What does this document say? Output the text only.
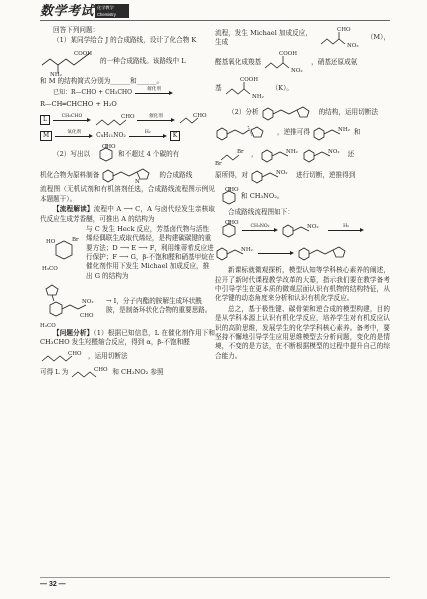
数学考试 化学教学 Chemistry

回答下列问题：

（1）某同学给合 J 的合成路线，设计了化合物 K

COOH
NH₂
的一种合成路线。该路线中 L

和 M 的结构简式分别为______和______。

已知：R—CHO + CH₃CHO	催化剂

R—CH═CHCHO + H₂O

L	CH₃CHO	CHO	催化剂	CHO
M	氧化剂	C₈H₁₁NO₂	H₂	K
（2）写出以
CHO
和不超过 4 个碳的有
机化合物为原料制备
N
的合成路线

流程图（无机试剂和有机溶剂任选，合成路线流程图示例见本题题干）。

【流程解读】流程中 A ⟶ C，A 与卤代烃发生亲核取代反应生成芳香醚，可推出 A 的结构为

HO	Br
H₃CO
与 C 发生 Heck 反应，芳基卤代物与活性烯烃偶联生成取代烯烃，是构建碳碳键的重要方法；D ⟶ E ⟶ F，利用维蒂希反应进行保护；F ⟶ G，β-不饱和醛和硝基甲烷在催化剂作用下发生 Michael 加成反应，推出 G 的结构为
NO₂
CHO
H₃CO
→ I，分子内酯的胺解生成环状酰胺，是制备环状化合物的重要思路。

【问题分析】（1）根据已知信息，L 在催化剂作用下和 CH₃CHO 发生羟醛缩合反应，得到 α，β-不饱和醛

CHO ，运用切断法
可得 L 为	CHO 和 CH₃NO₂ 参照
流程，发生 Michael 加成反应，生成
CHO
NO₂
（M），
醛基氧化成羧基
COOH
NO₂
，硝基还原成氨
基
COOH
NH₂
（K）。
（2）分析	的结构，运用切断法
，逆推可得	NH₂ 和
Br
Br ，	NH₂	NO₂ 还
原所得，对	NO₂ 进行切断，逆推得到
CHO
和 CH₃NO₂。

合成路线流程图如下：

CHO
CH₃NO₂	NO₂	H₂
NH₂

新课标就微观探析，模型认知等学科核心素养的阐述，拉开了新时代课程教学改革的大幕，指示我们要在教学备考中引导学生在更本质的微观层面认识有机物的结构特征，从化学键的动态角度来分析和认识有机化学反应。

总之，基于极性键、碳骨架和逆合成的模型构建，目的是从学科本源上认识有机化学反应，培养学生对有机反应认识的高阶思维，发展学生的化学学科核心素养。备考中，要坚持不懈地引导学生应用思维模型去分析问题，变化的是情境，不变的是方法，在不断根据模型的过程中提升自己的综合能力。

— 32 —
